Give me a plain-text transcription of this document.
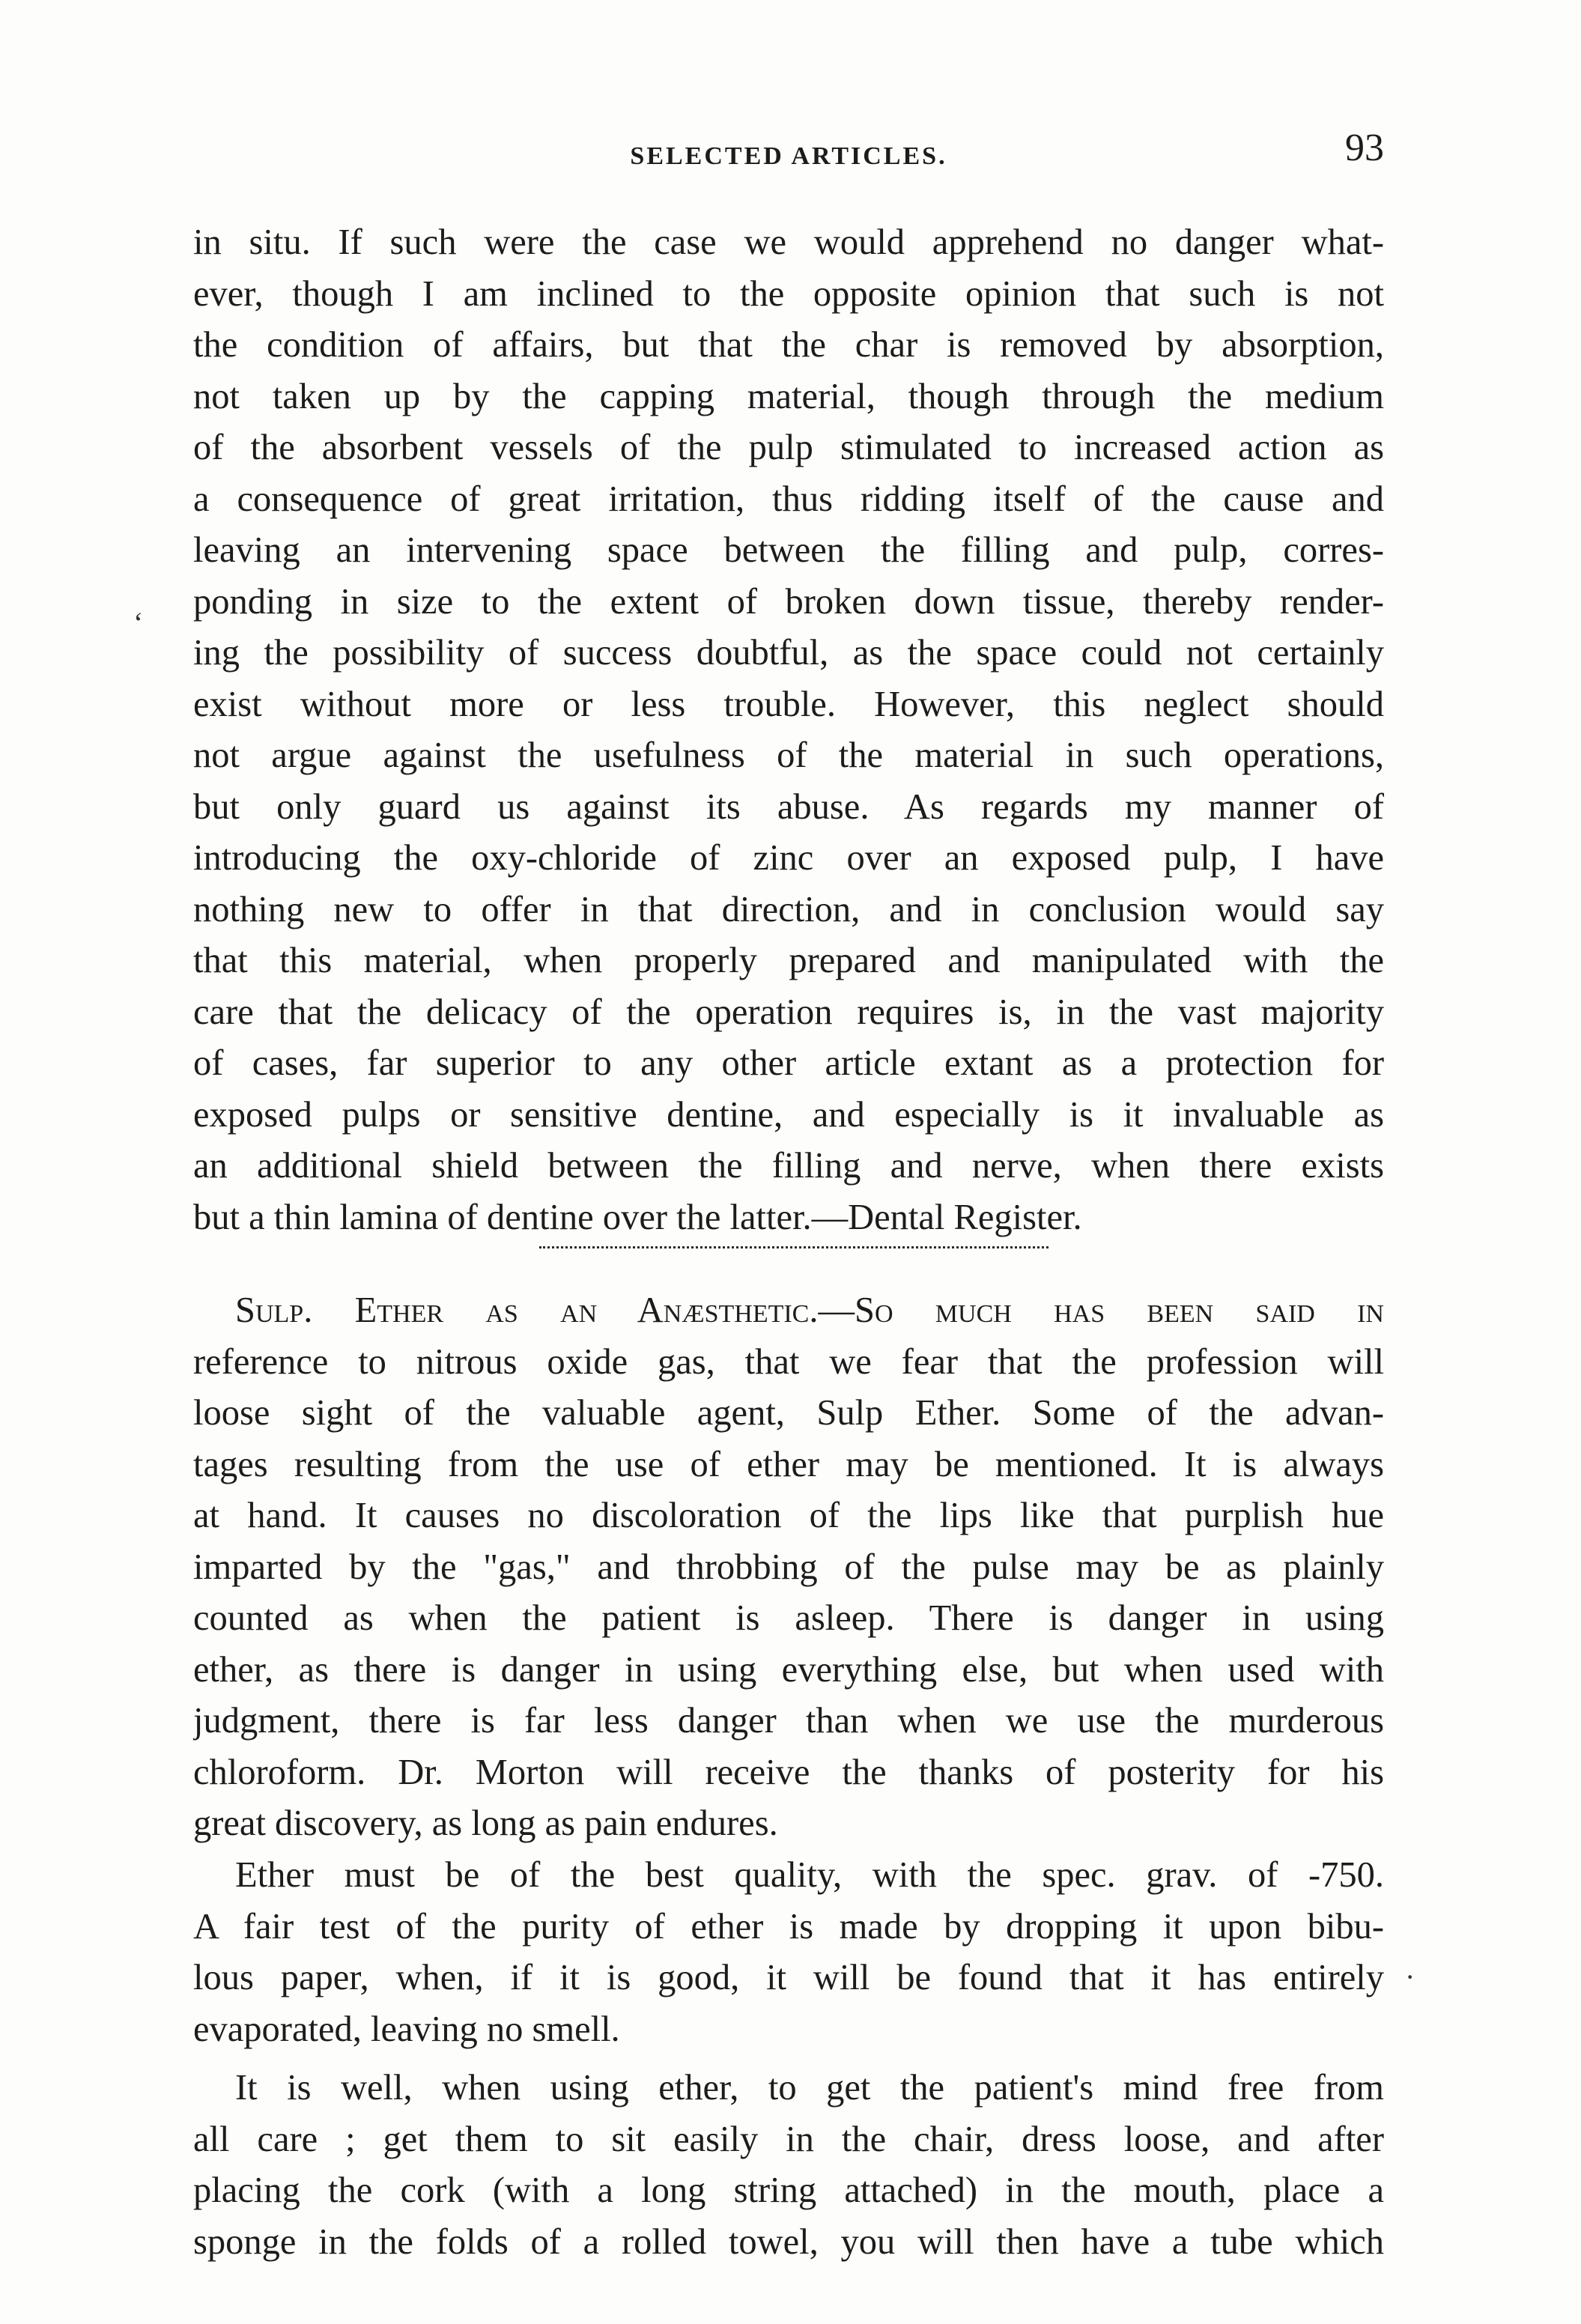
SELECTED ARTICLES.	93
in situ. If such were the case we would apprehend no danger what-
ever, though I am inclined to the opposite opinion that such is not
the condition of affairs, but that the char is removed by absorption,
not taken up by the capping material, though through the medium
of the absorbent vessels of the pulp stimulated to increased action as
a consequence of great irritation, thus ridding itself of the cause and
leaving an intervening space between the filling and pulp, corres-
ponding in size to the extent of broken down tissue, thereby render-
ing the possibility of success doubtful, as the space could not certainly
exist without more or less trouble. However, this neglect should
not argue against the usefulness of the material in such operations,
but only guard us against its abuse. As regards my manner of
introducing the oxy-chloride of zinc over an exposed pulp, I have
nothing new to offer in that direction, and in conclusion would say
that this material, when properly prepared and manipulated with the
care that the delicacy of the operation requires is, in the vast majority
of cases, far superior to any other article extant as a protection for
exposed pulps or sensitive dentine, and especially is it invaluable as
an additional shield between the filling and nerve, when there exists
but a thin lamina of dentine over the latter.—Dental Register.
‘
Sulp. Ether as an Anæsthetic.—So much has been said in
reference to nitrous oxide gas, that we fear that the profession will
loose sight of the valuable agent, Sulp Ether. Some of the advan-
tages resulting from the use of ether may be mentioned. It is always
at hand. It causes no discoloration of the lips like that purplish hue
imparted by the "gas," and throbbing of the pulse may be as plainly
counted as when the patient is asleep. There is danger in using
ether, as there is danger in using everything else, but when used with
judgment, there is far less danger than when we use the murderous
chloroform. Dr. Morton will receive the thanks of posterity for his
great discovery, as long as pain endures.
Ether must be of the best quality, with the spec. grav. of -750.
A fair test of the purity of ether is made by dropping it upon bibu-
lous paper, when, if it is good, it will be found that it has entirely
evaporated, leaving no smell.
·
It is well, when using ether, to get the patient's mind free from
all care ; get them to sit easily in the chair, dress loose, and after
placing the cork (with a long string attached) in the mouth, place a
sponge in the folds of a rolled towel, you will then have a tube which
